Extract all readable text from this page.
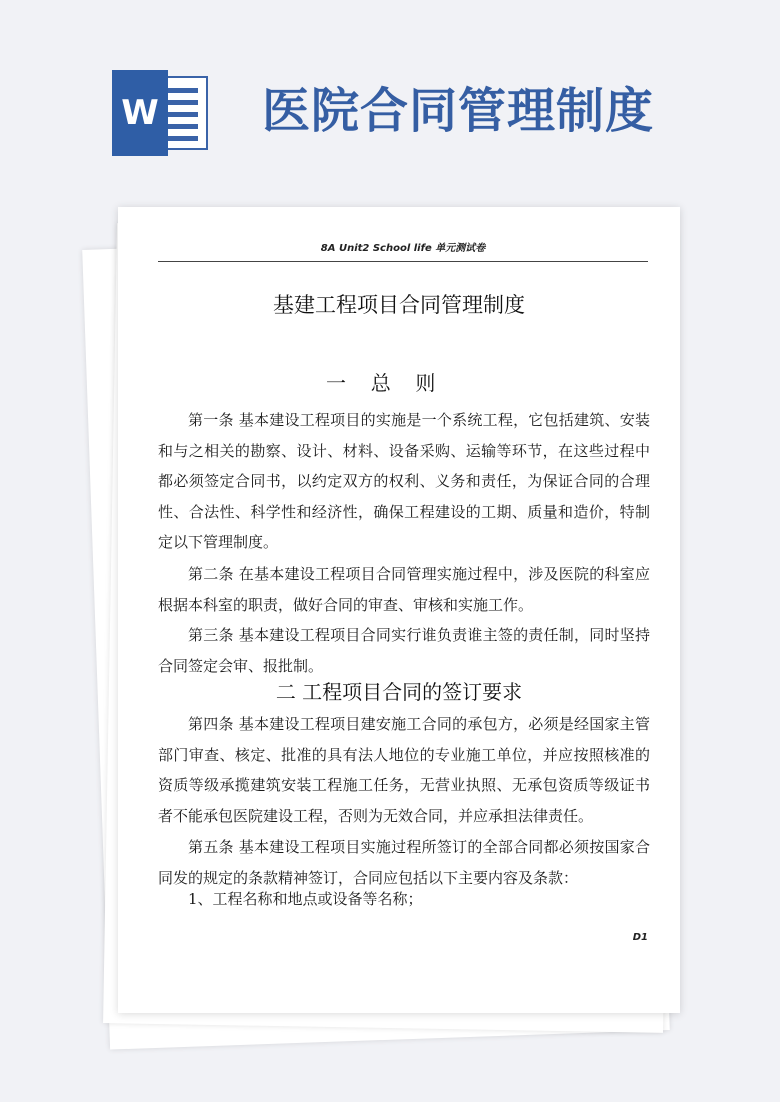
W 医院合同管理制度
8A Unit2 School life 单元测试卷
基建工程项目合同管理制度
一  总  则
第一条 基本建设工程项目的实施是一个系统工程，它包括建筑、安装和与之相关的勘察、设计、材料、设备采购、运输等环节，在这些过程中都必须签定合同书，以约定双方的权利、义务和责任，为保证合同的合理性、合法性、科学性和经济性，确保工程建设的工期、质量和造价，特制定以下管理制度。
第二条 在基本建设工程项目合同管理实施过程中，涉及医院的科室应根据本科室的职责，做好合同的审查、审核和实施工作。
第三条 基本建设工程项目合同实行谁负责谁主签的责任制，同时坚持合同签定会审、报批制。
二 工程项目合同的签订要求
第四条 基本建设工程项目建安施工合同的承包方，必须是经国家主管部门审查、核定、批准的具有法人地位的专业施工单位，并应按照核准的资质等级承揽建筑安装工程施工任务，无营业执照、无承包资质等级证书者不能承包医院建设工程，否则为无效合同，并应承担法律责任。
第五条 基本建设工程项目实施过程所签订的全部合同都必须按国家合同发的规定的条款精神签订，合同应包括以下主要内容及条款：
1、工程名称和地点或设备等名称；
D1
